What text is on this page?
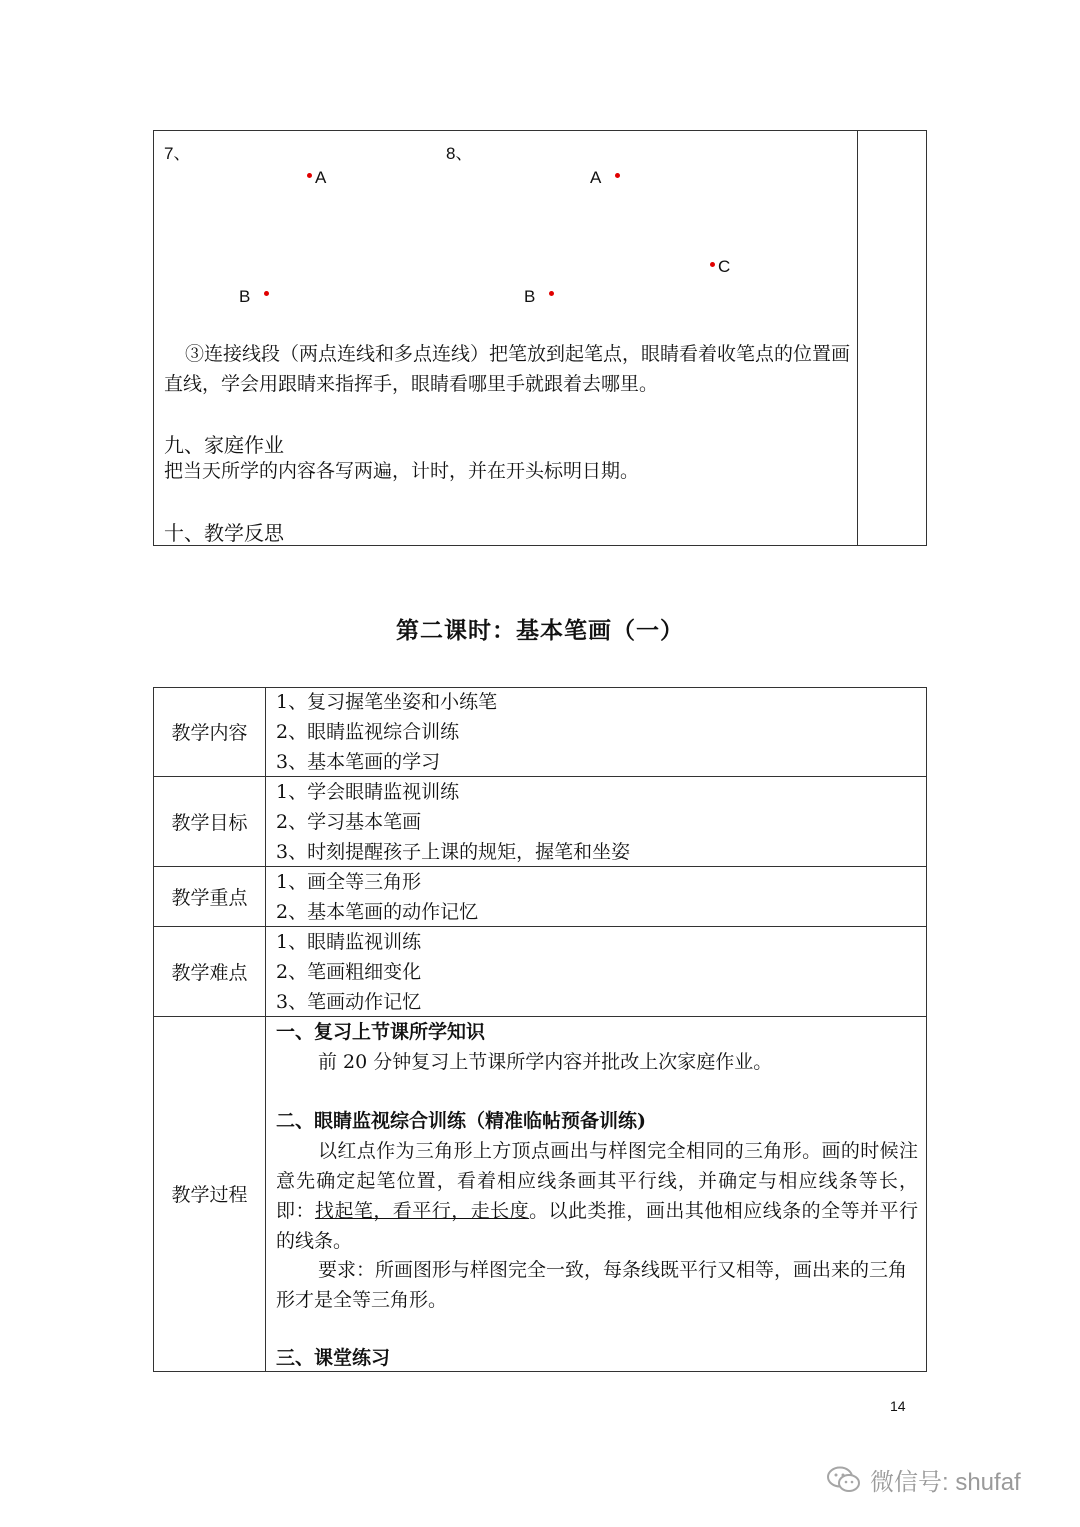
7、	8、
A
B
A
C
B
③连接线段（两点连线和多点连线）把笔放到起笔点，眼睛看着收笔点的位置画直线，学会用跟睛来指挥手，眼睛看哪里手就跟着去哪里。
九、家庭作业
把当天所学的内容各写两遍，计时，并在开头标明日期。
十、教学反思
第二课时：基本笔画（一）
教学内容
1、复习握笔坐姿和小练笔
2、眼睛监视综合训练
3、基本笔画的学习
教学目标
1、学会眼睛监视训练
2、学习基本笔画
3、时刻提醒孩子上课的规矩，握笔和坐姿
教学重点
1、画全等三角形
2、基本笔画的动作记忆
教学难点
1、眼睛监视训练
2、笔画粗细变化
3、笔画动作记忆
教学过程
一、复习上节课所学知识
前 20 分钟复习上节课所学内容并批改上次家庭作业。
二、眼睛监视综合训练（精准临帖预备训练)
以红点作为三角形上方顶点画出与样图完全相同的三角形。画的时候注意先确定起笔位置，看着相应线条画其平行线，并确定与相应线条等长，即：找起笔，看平行，走长度。以此类推，画出其他相应线条的全等并平行的线条。
要求：所画图形与样图完全一致，每条线既平行又相等，画出来的三角形才是全等三角形。
三、课堂练习
14
微信号: shufaf
